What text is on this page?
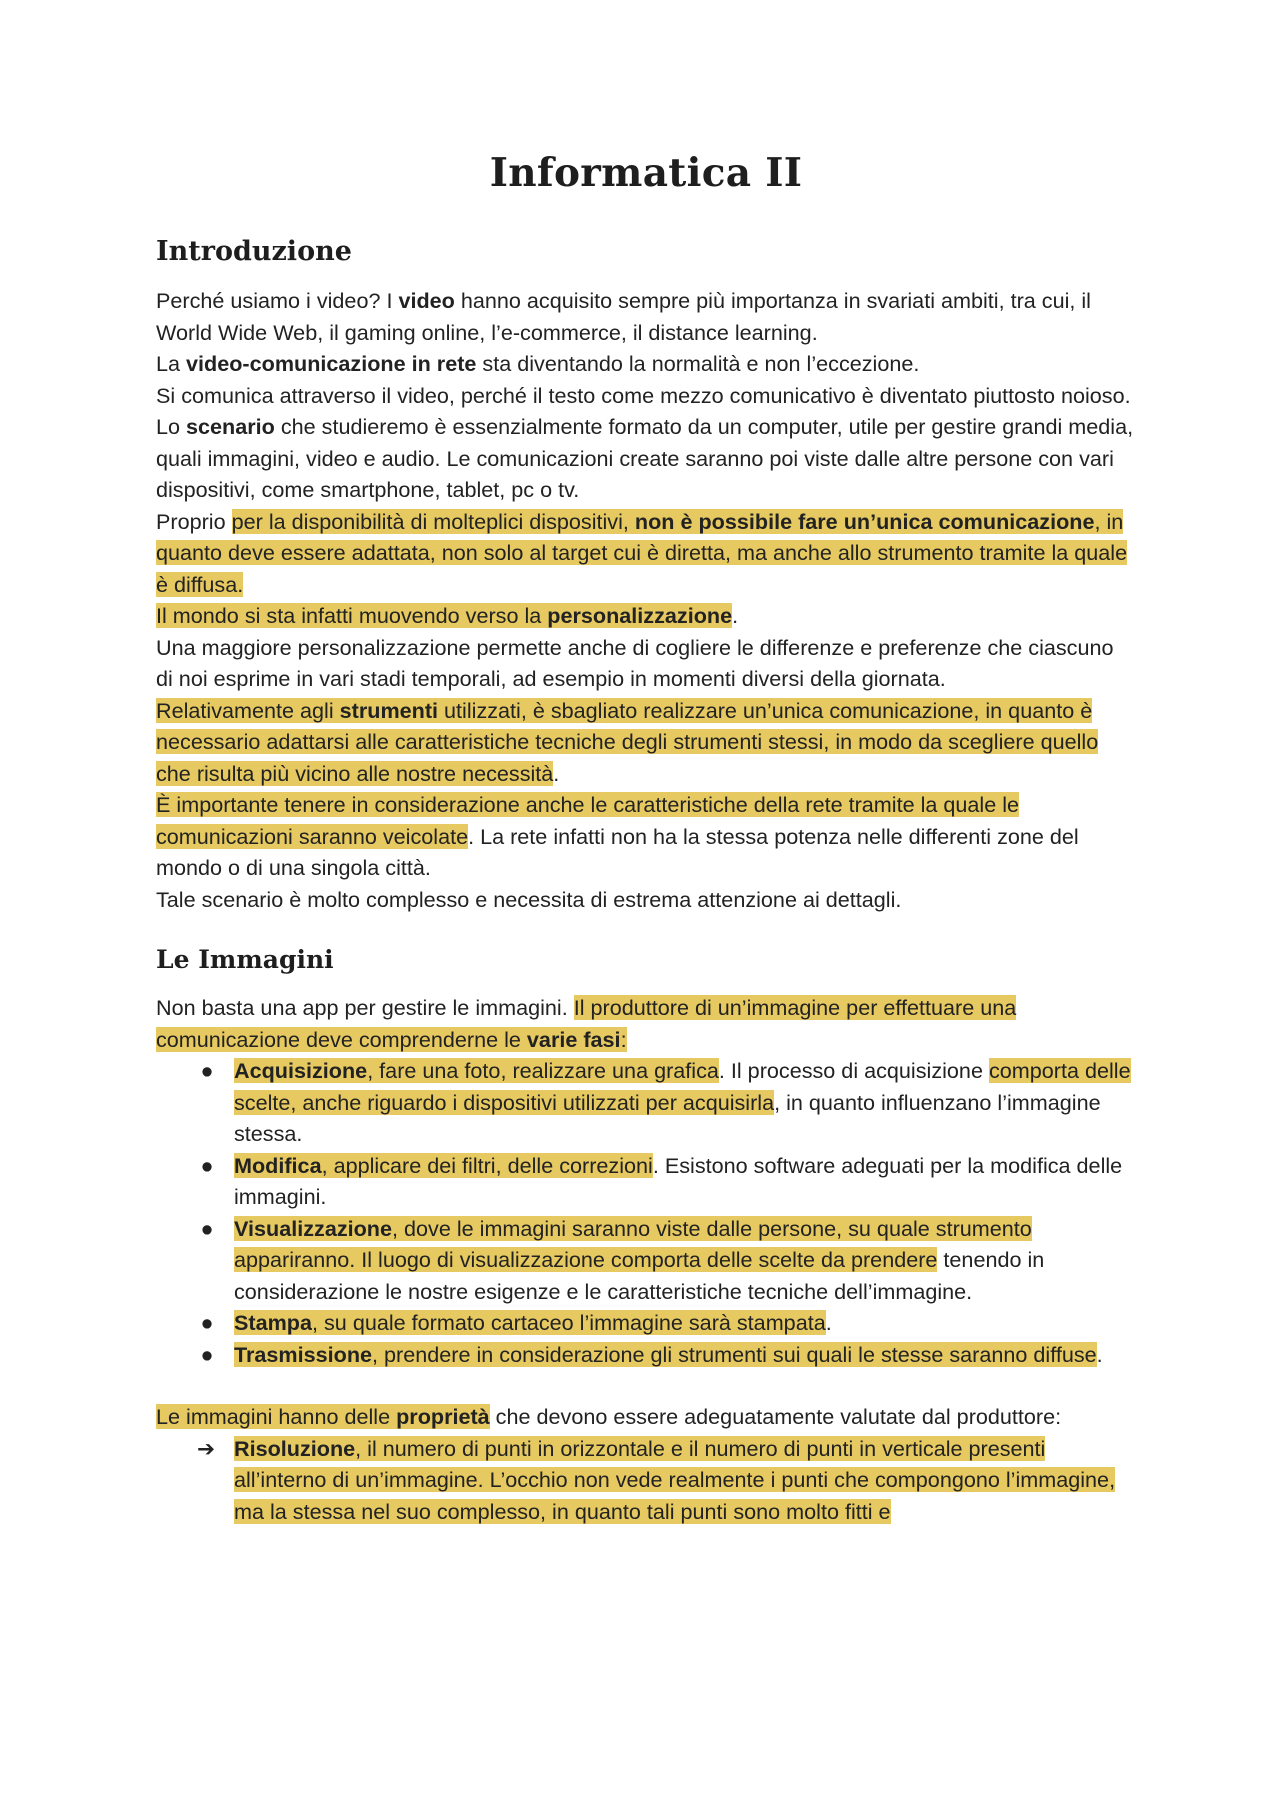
Informatica II
Introduzione

Perché usiamo i video? I video hanno acquisito sempre più importanza in svariati ambiti, tra cui, il World Wide Web, il gaming online, l’e-commerce, il distance learning.

La video-comunicazione in rete sta diventando la normalità e non l’eccezione.

Si comunica attraverso il video, perché il testo come mezzo comunicativo è diventato piuttosto noioso.

Lo scenario che studieremo è essenzialmente formato da un computer, utile per gestire grandi media, quali immagini, video e audio. Le comunicazioni create saranno poi viste dalle altre persone con vari dispositivi, come smartphone, tablet, pc o tv.

Proprio per la disponibilità di molteplici dispositivi, non è possibile fare un’unica comunicazione, in quanto deve essere adattata, non solo al target cui è diretta, ma anche allo strumento tramite la quale è diffusa.

Il mondo si sta infatti muovendo verso la personalizzazione.

Una maggiore personalizzazione permette anche di cogliere le differenze e preferenze che ciascuno di noi esprime in vari stadi temporali, ad esempio in momenti diversi della giornata.

Relativamente agli strumenti utilizzati, è sbagliato realizzare un’unica comunicazione, in quanto è necessario adattarsi alle caratteristiche tecniche degli strumenti stessi, in modo da scegliere quello che risulta più vicino alle nostre necessità.

È importante tenere in considerazione anche le caratteristiche della rete tramite la quale le comunicazioni saranno veicolate. La rete infatti non ha la stessa potenza nelle differenti zone del mondo o di una singola città.

Tale scenario è molto complesso e necessita di estrema attenzione ai dettagli.

Le Immagini

Non basta una app per gestire le immagini. Il produttore di un’immagine per effettuare una comunicazione deve comprenderne le varie fasi:

● Acquisizione, fare una foto, realizzare una grafica. Il processo di acquisizione comporta delle scelte, anche riguardo i dispositivi utilizzati per acquisirla, in quanto influenzano l’immagine stessa.
● Modifica, applicare dei filtri, delle correzioni. Esistono software adeguati per la modifica delle immagini.
● Visualizzazione, dove le immagini saranno viste dalle persone, su quale strumento appariranno. Il luogo di visualizzazione comporta delle scelte da prendere tenendo in considerazione le nostre esigenze e le caratteristiche tecniche dell’immagine.
● Stampa, su quale formato cartaceo l’immagine sarà stampata.
● Trasmissione, prendere in considerazione gli strumenti sui quali le stesse saranno diffuse.

Le immagini hanno delle proprietà che devono essere adeguatamente valutate dal produttore:

➔ Risoluzione, il numero di punti in orizzontale e il numero di punti in verticale presenti all’interno di un’immagine. L’occhio non vede realmente i punti che compongono l’immagine, ma la stessa nel suo complesso, in quanto tali punti sono molto fitti e
